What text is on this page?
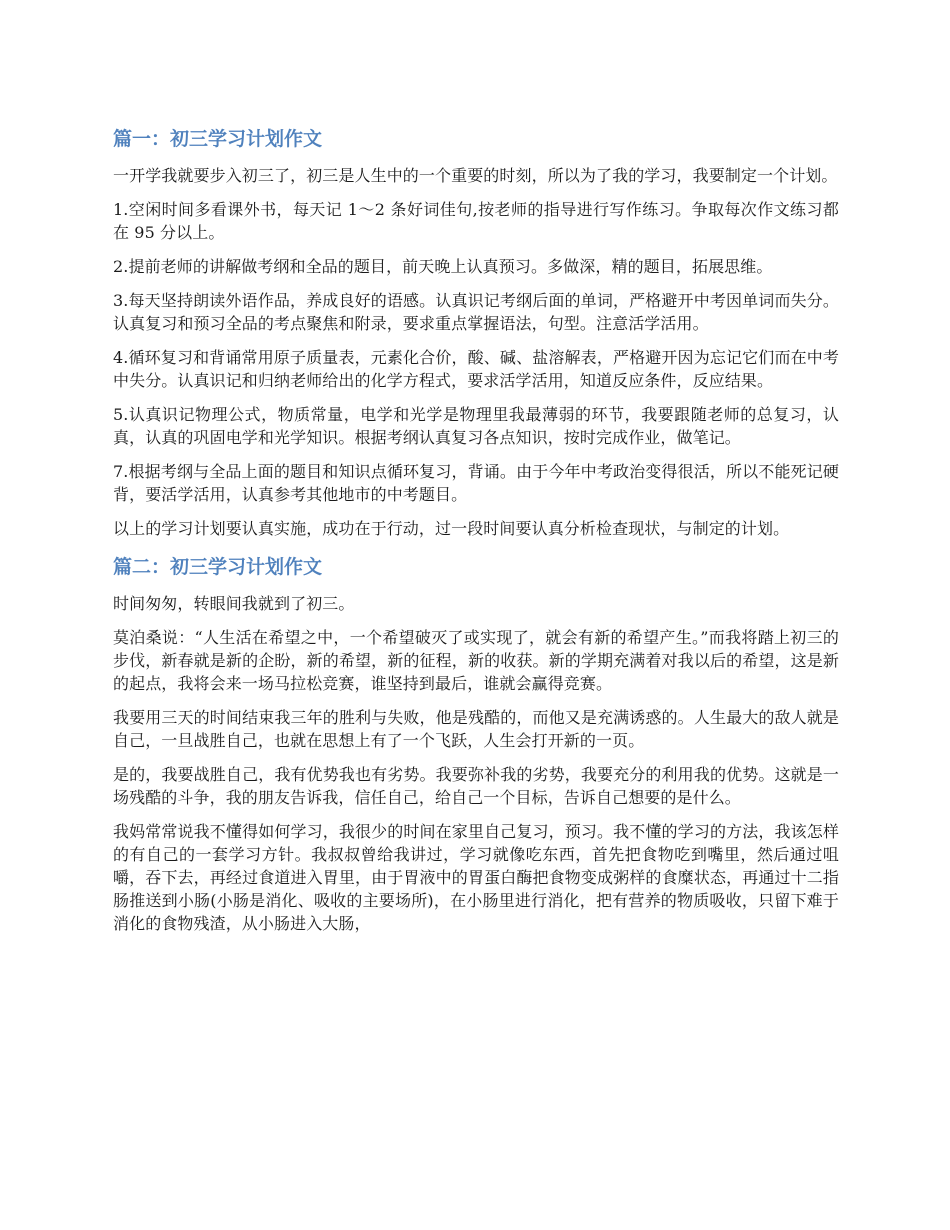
篇一：初三学习计划作文

一开学我就要步入初三了，初三是人生中的一个重要的时刻，所以为了我的学习，我要制定一个计划。

1.空闲时间多看课外书，每天记 1～2 条好词佳句,按老师的指导进行写作练习。争取每次作文练习都在 95 分以上。

2.提前老师的讲解做考纲和全品的题目，前天晚上认真预习。多做深，精的题目，拓展思维。

3.每天坚持朗读外语作品，养成良好的语感。认真识记考纲后面的单词，严格避开中考因单词而失分。认真复习和预习全品的考点聚焦和附录，要求重点掌握语法，句型。注意活学活用。

4.循环复习和背诵常用原子质量表，元素化合价，酸、碱、盐溶解表，严格避开因为忘记它们而在中考中失分。认真识记和归纳老师给出的化学方程式，要求活学活用，知道反应条件，反应结果。

5.认真识记物理公式，物质常量，电学和光学是物理里我最薄弱的环节，我要跟随老师的总复习，认真，认真的巩固电学和光学知识。根据考纲认真复习各点知识，按时完成作业，做笔记。

7.根据考纲与全品上面的题目和知识点循环复习，背诵。由于今年中考政治变得很活，所以不能死记硬背，要活学活用，认真参考其他地市的中考题目。

以上的学习计划要认真实施，成功在于行动，过一段时间要认真分析检查现状，与制定的计划。

篇二：初三学习计划作文

时间匆匆，转眼间我就到了初三。

莫泊桑说：“人生活在希望之中，一个希望破灭了或实现了，就会有新的希望产生。”而我将踏上初三的步伐，新春就是新的企盼，新的希望，新的征程，新的收获。新的学期充满着对我以后的希望，这是新的起点，我将会来一场马拉松竞赛，谁坚持到最后，谁就会赢得竞赛。

我要用三天的时间结束我三年的胜利与失败，他是残酷的，而他又是充满诱惑的。人生最大的敌人就是自己，一旦战胜自己，也就在思想上有了一个飞跃，人生会打开新的一页。

是的，我要战胜自己，我有优势我也有劣势。我要弥补我的劣势，我要充分的利用我的优势。这就是一场残酷的斗争，我的朋友告诉我，信任自己，给自己一个目标，告诉自己想要的是什么。

我妈常常说我不懂得如何学习，我很少的时间在家里自己复习，预习。我不懂的学习的方法，我该怎样的有自己的一套学习方针。我叔叔曾给我讲过，学习就像吃东西，首先把食物吃到嘴里，然后通过咀嚼，吞下去，再经过食道进入胃里，由于胃液中的胃蛋白酶把食物变成粥样的食糜状态，再通过十二指肠推送到小肠(小肠是消化、吸收的主要场所)，在小肠里进行消化，把有营养的物质吸收，只留下难于消化的食物残渣，从小肠进入大肠，
